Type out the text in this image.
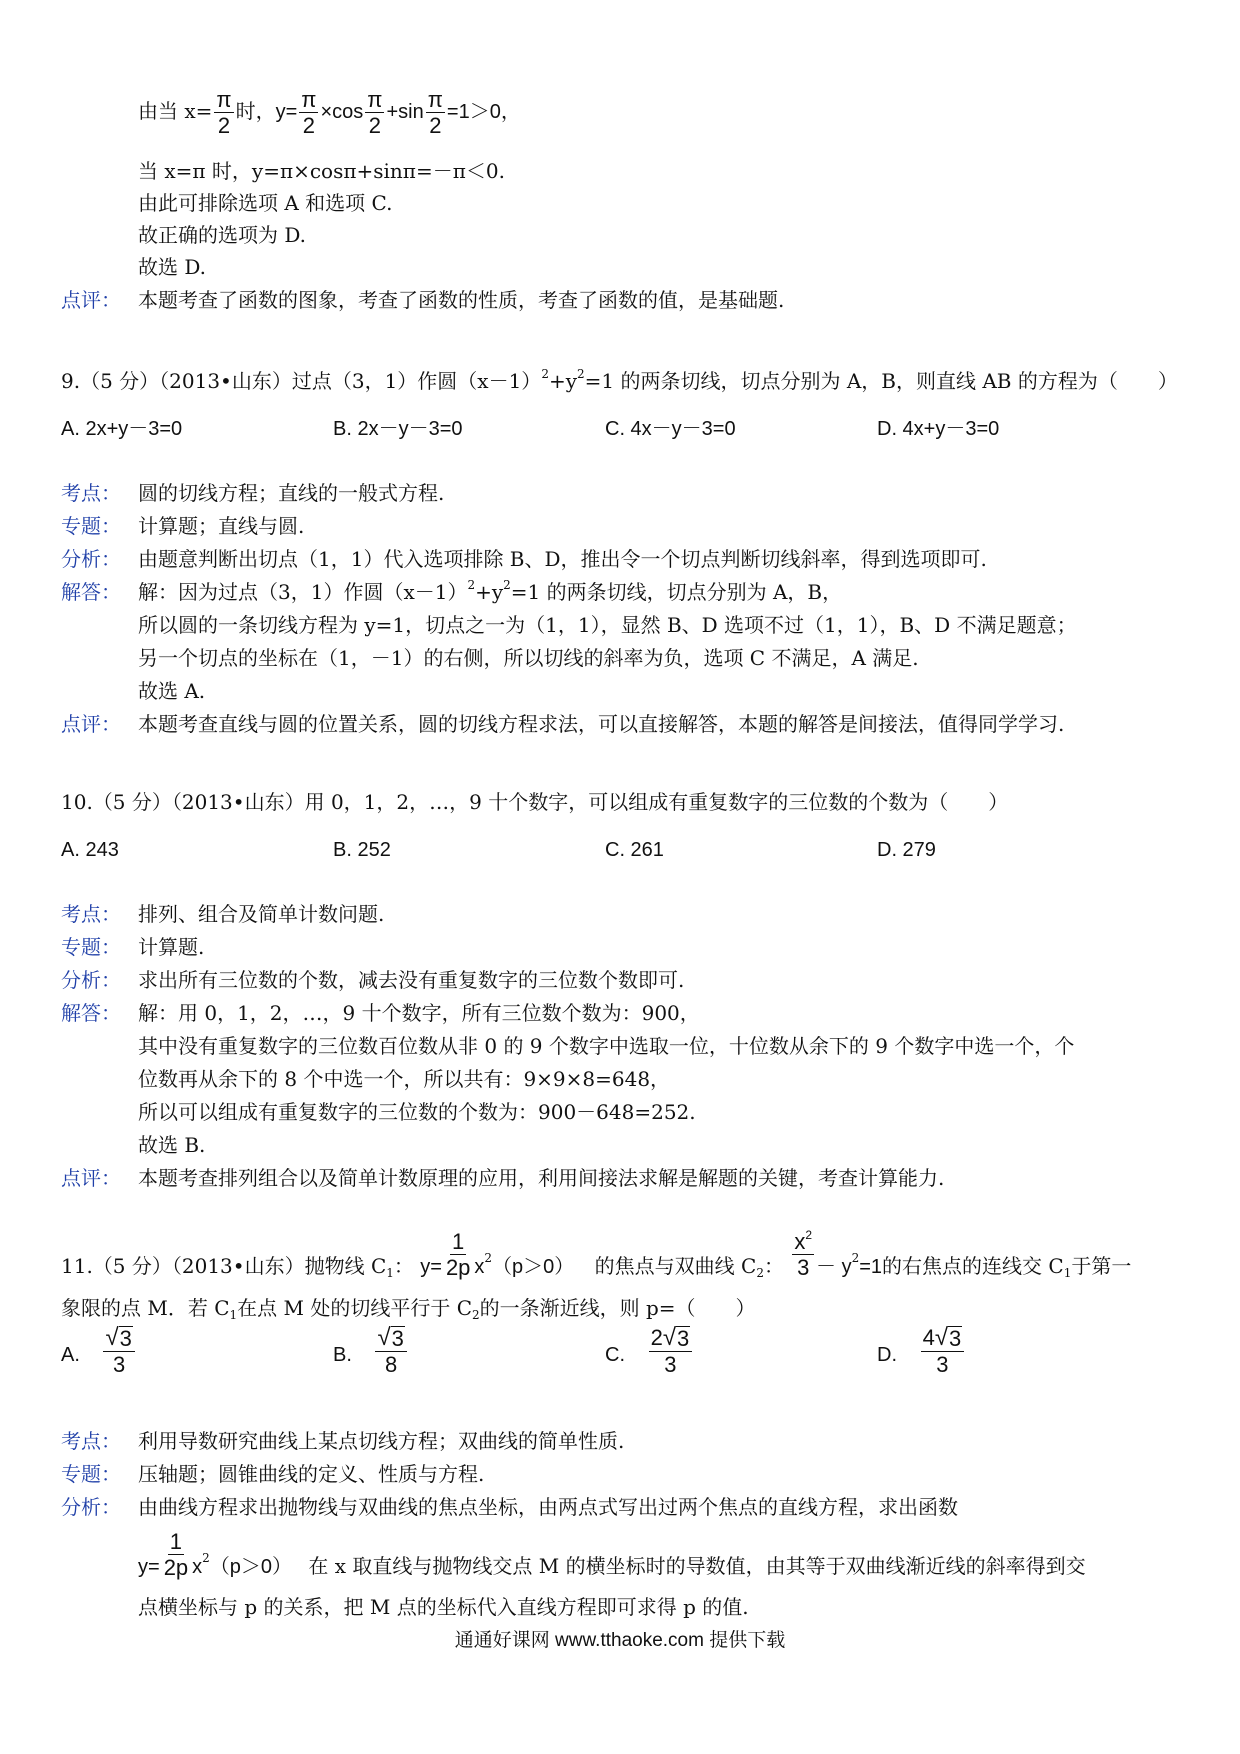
由当 $x= \frac{\pi}{2}$ 时，$y= \frac{\pi}{2} \times\cos \frac{\pi}{2} +\sin \frac{\pi}{2} =1>0$，
当 x=π 时，y=π×cosπ+sinπ=－π＜0.
由此可排除选项 A 和选项 C.
故正确的选项为 D.
故选 D.
点评： 本题考查了函数的图象，考查了函数的性质，考查了函数的值，是基础题.
9.（5 分）（2013•山东）过点（3，1）作圆$(x-1)^2+y^2=1$ 的两条切线，切点分别为 A，B，则直线 AB 的方程为（　　）
A. 2x+y－3=0	B. 2x－y－3=0	C. 4x－y－3=0	D. 4x+y－3=0
考点： 圆的切线方程；直线的一般式方程.
专题： 计算题；直线与圆.
分析： 由题意判断出切点（1，1）代入选项排除 B、D，推出令一个切点判断切线斜率，得到选项即可.
解答： 解：因为过点（3，1）作圆$(x-1)^2+y^2=1$ 的两条切线，切点分别为 A，B，
所以圆的一条切线方程为 y=1，切点之一为（1，1），显然 B、D 选项不过（1，1），B、D 不满足题意；
另一个切点的坐标在（1，－1）的右侧，所以切线的斜率为负，选项 C 不满足，A 满足.
故选 A.
点评： 本题考查直线与圆的位置关系，圆的切线方程求法，可以直接解答，本题的解答是间接法，值得同学学习.
10.（5 分）（2013•山东）用 0，1，2，…，9 十个数字，可以组成有重复数字的三位数的个数为（　　）
A. 243	B. 252	C. 261	D. 279
考点： 排列、组合及简单计数问题.
专题： 计算题.
分析： 求出所有三位数的个数，减去没有重复数字的三位数个数即可.
解答： 解：用 0，1，2，…，9 十个数字，所有三位数个数为：900，
其中没有重复数字的三位数百位数从非 0 的 9 个数字中选取一位，十位数从余下的 9 个数字中选一个，个
位数再从余下的 8 个中选一个，所以共有：9×9×8=648，
所以可以组成有重复数字的三位数的个数为：900－648=252.
故选 B.
点评： 本题考查排列组合以及简单计数原理的应用，利用间接法求解是解题的关键，考查计算能力.
11.（5 分）（2013•山东）抛物线 $C_1$： $y= \frac{1}{2p} x^2(p>0)$ 的焦点与双曲线 $C_2$： $\frac{x^2}{3} - y^2=1$的右焦点的连线交 $C_1$于第一
象限的点 M．若 $C_1$在点 M 处的切线平行于 $C_2$的一条渐近线，则 p=（　　）
A. $\frac{√ 3}{3}$	B. $\frac{√ 3}{8}$	C. $\frac{2 √ 3}{3}$	D. $\frac{4 √ 3}{3}$
考点： 利用导数研究曲线上某点切线方程；双曲线的简单性质.
专题： 压轴题；圆锥曲线的定义、性质与方程.
分析： 由曲线方程求出抛物线与双曲线的焦点坐标，由两点式写出过两个焦点的直线方程，求出函数
$y= \frac{1}{2p} x^2(p>0)$ 在 x 取直线与抛物线交点 M 的横坐标时的导数值，由其等于双曲线渐近线的斜率得到交
点横坐标与 p 的关系，把 M 点的坐标代入直线方程即可求得 p 的值.
通通好课网 www.tthaoke.com 提供下载
